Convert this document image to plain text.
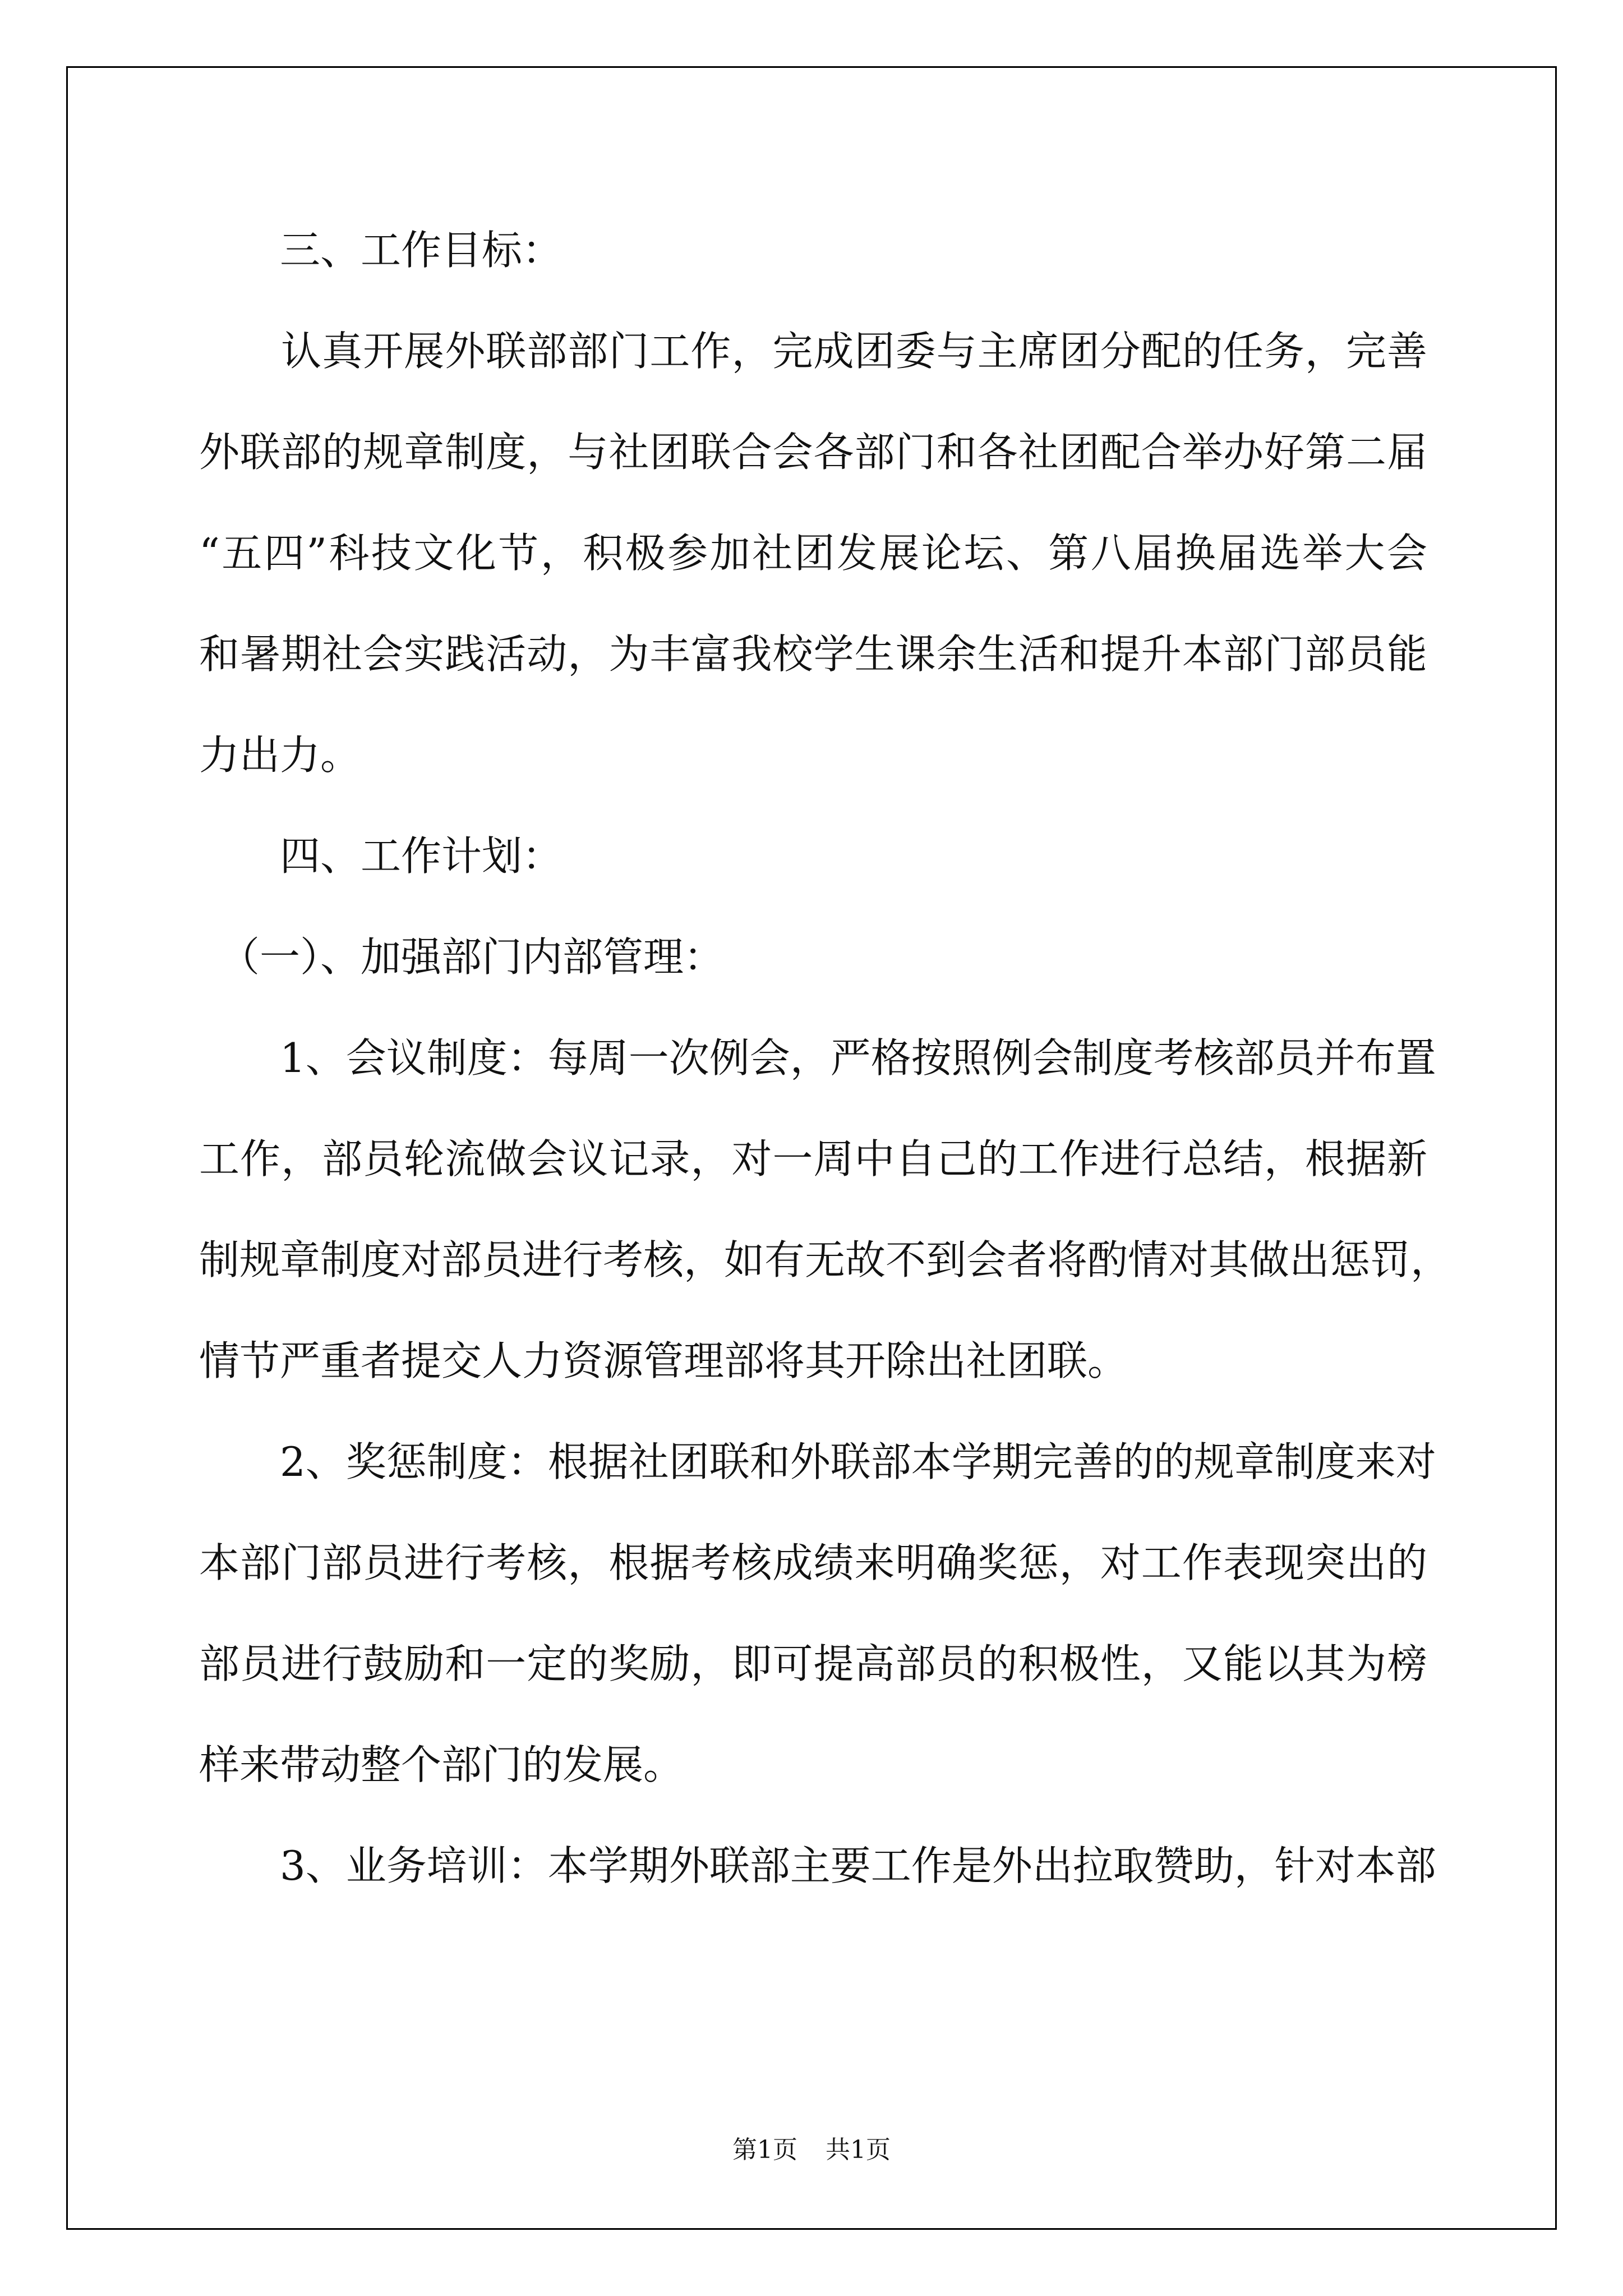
　　三、工作目标：
　　认真开展外联部部门工作，完成团委与主席团分配的任务，完善
外联部的规章制度，与社团联合会各部门和各社团配合举办好第二届
“五四”科技文化节，积极参加社团发展论坛、第八届换届选举大会
和暑期社会实践活动，为丰富我校学生课余生活和提升本部门部员能
力出力。
　　四、工作计划：
　（一）、加强部门内部管理：
　　1、会议制度：每周一次例会，严格按照例会制度考核部员并布置
工作，部员轮流做会议记录，对一周中自己的工作进行总结，根据新
制规章制度对部员进行考核，如有无故不到会者将酌情对其做出惩罚，
情节严重者提交人力资源管理部将其开除出社团联。
　　2、奖惩制度：根据社团联和外联部本学期完善的的规章制度来对
本部门部员进行考核，根据考核成绩来明确奖惩，对工作表现突出的
部员进行鼓励和一定的奖励，即可提高部员的积极性，又能以其为榜
样来带动整个部门的发展。
　　3、业务培训：本学期外联部主要工作是外出拉取赞助，针对本部
第1页 共1页
